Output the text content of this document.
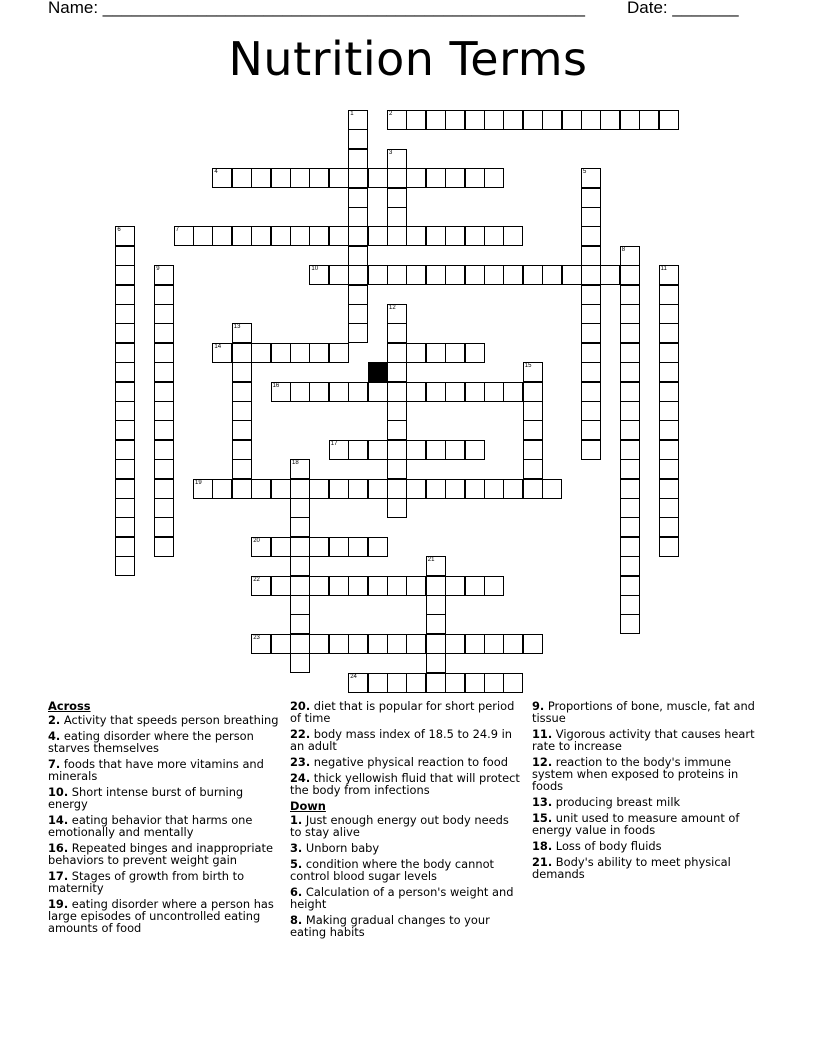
Name: ___________________________________________________ Date: _______
Nutrition Terms
1	2
3
4	5
6	7
8
9	10	11
12
13
14
15
16
17
18
19
20
21
22
23
24
Across
2. Activity that speeds person breathing
4. eating disorder where the person starves themselves
7. foods that have more vitamins and minerals
10. Short intense burst of burning energy
14. eating behavior that harms one emotionally and mentally
16. Repeated binges and inappropriate behaviors to prevent weight gain
17. Stages of growth from birth to maternity
19. eating disorder where a person has large episodes of uncontrolled eating amounts of food
20. diet that is popular for short period of time
22. body mass index of 18.5 to 24.9 in an adult
23. negative physical reaction to food
24. thick yellowish fluid that will protect the body from infections
Down
1. Just enough energy out body needs to stay alive
3. Unborn baby
5. condition where the body cannot control blood sugar levels
6. Calculation of a person's weight and height
8. Making gradual changes to your eating habits
9. Proportions of bone, muscle, fat and tissue
11. Vigorous activity that causes heart rate to increase
12. reaction to the body's immune system when exposed to proteins in foods
13. producing breast milk
15. unit used to measure amount of energy value in foods
18. Loss of body fluids
21. Body's ability to meet physical demands
